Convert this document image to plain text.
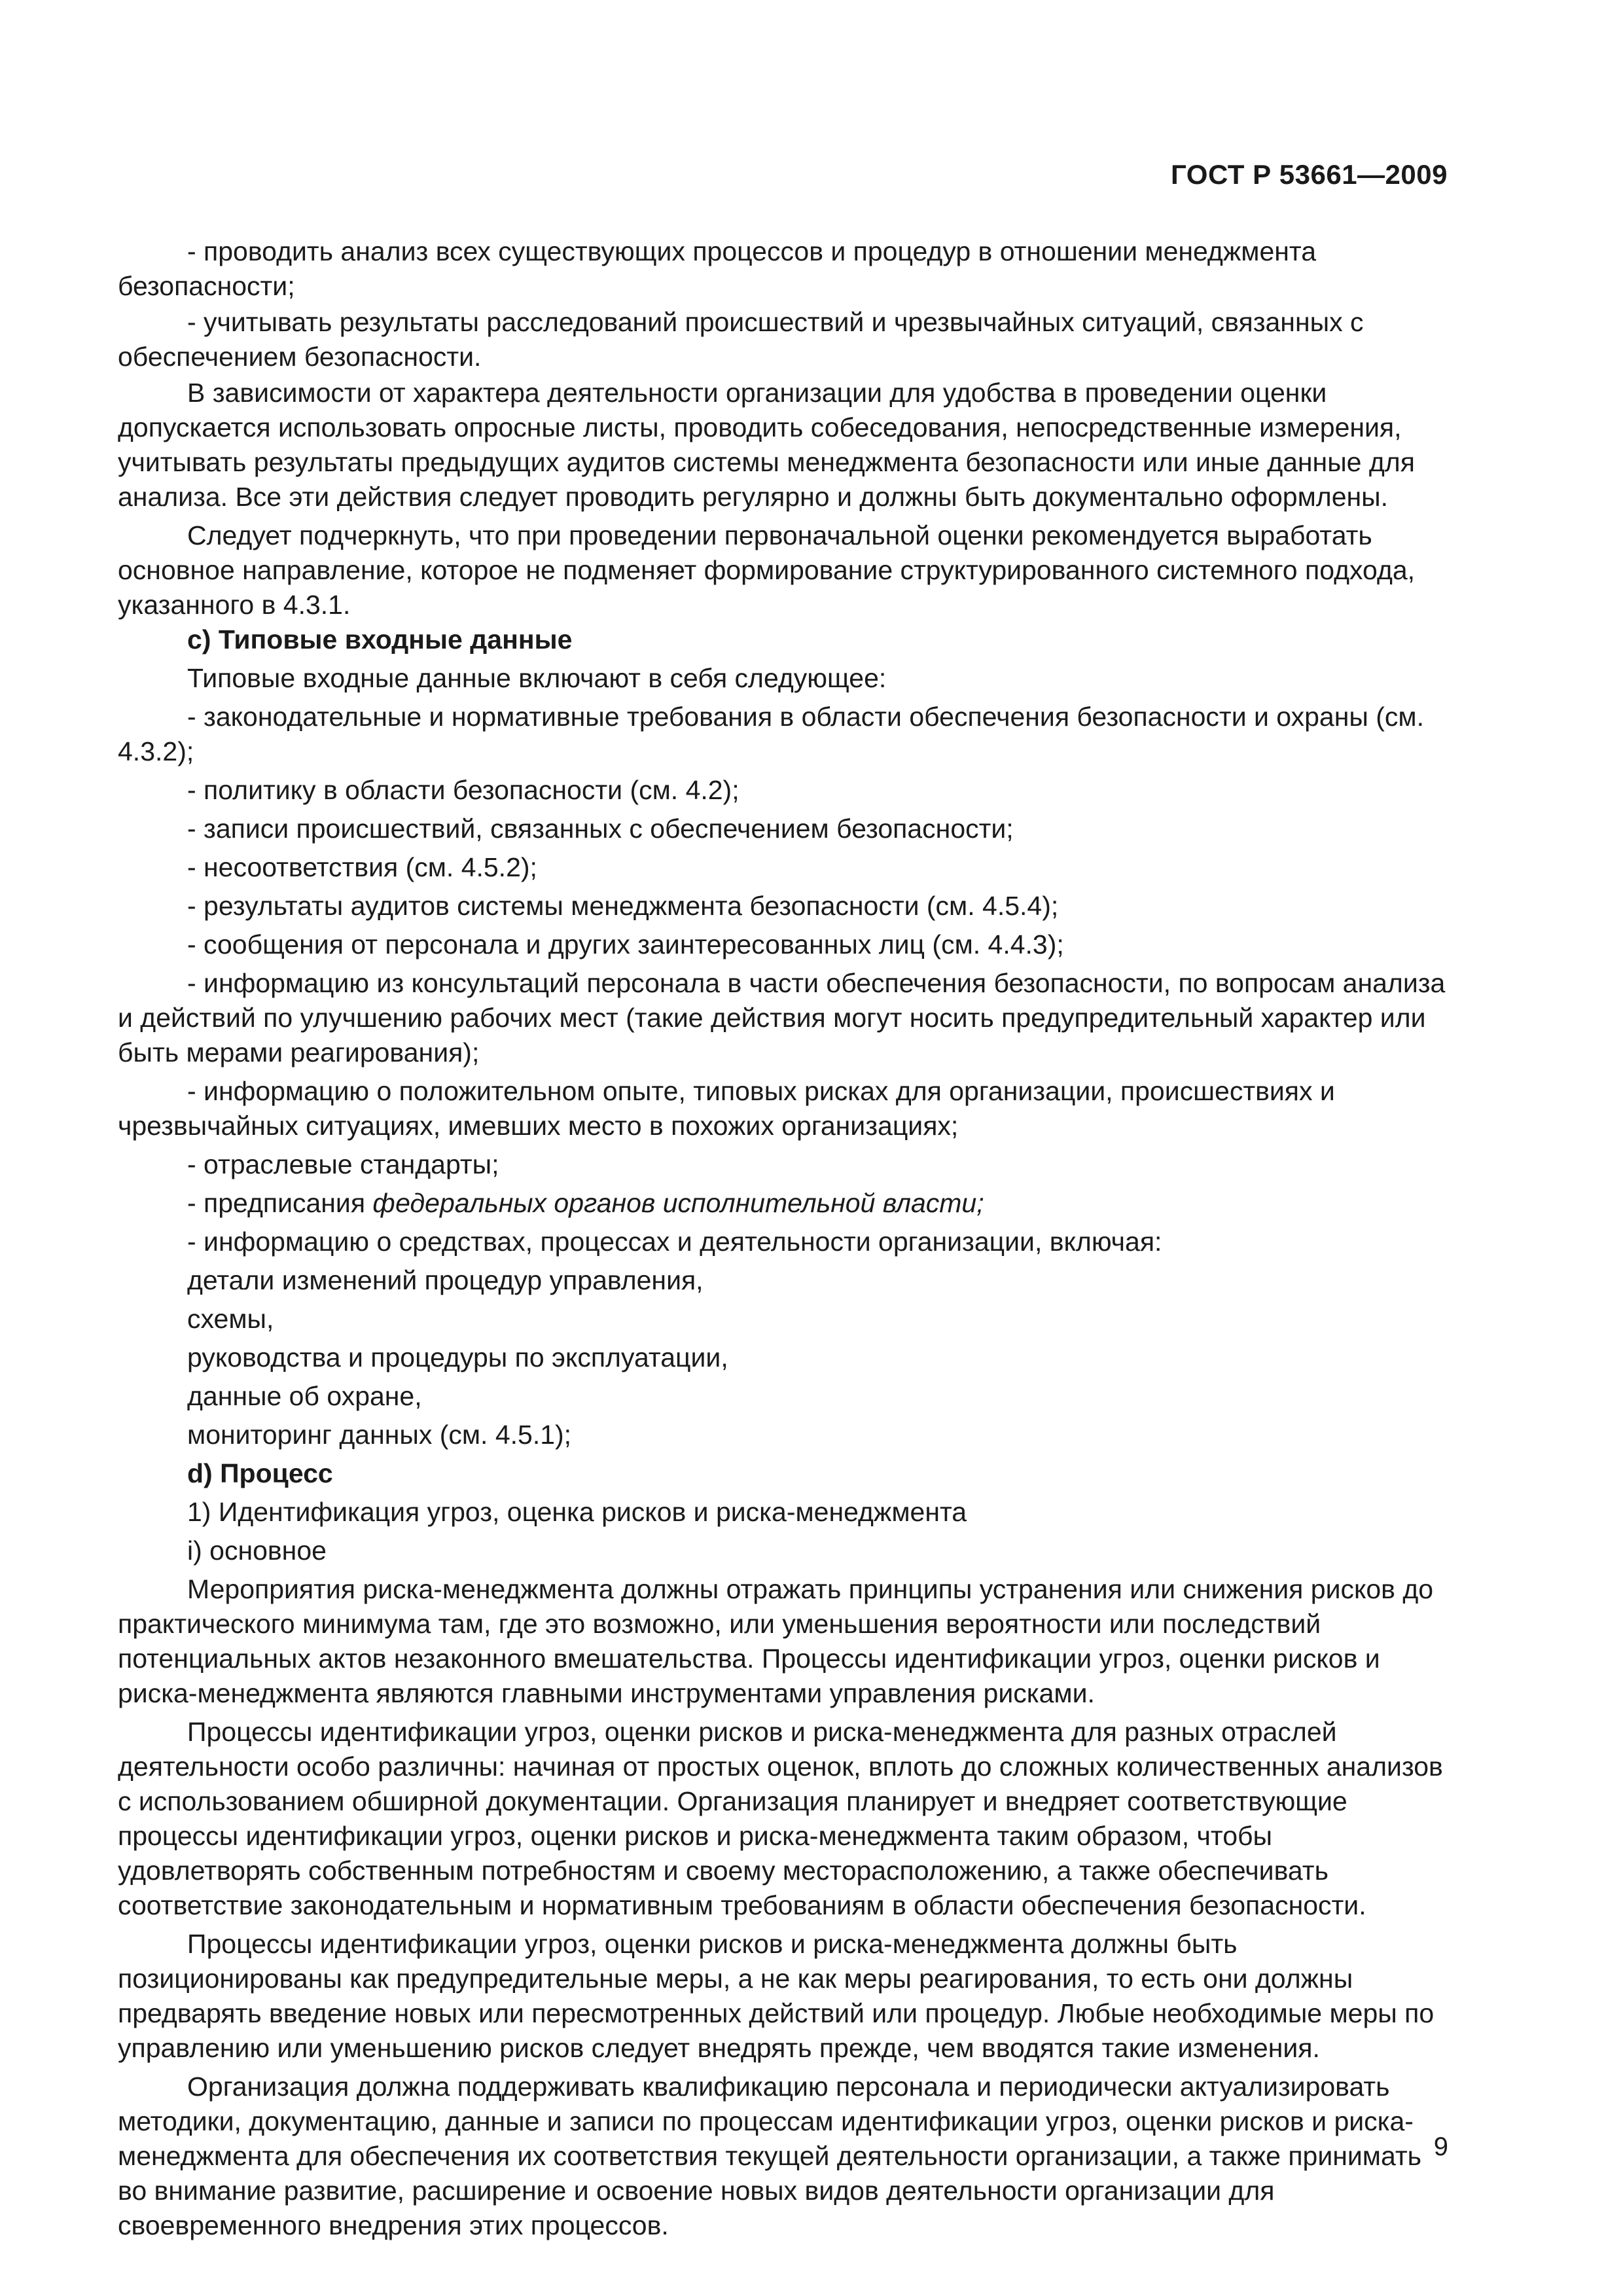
ГОСТ Р 53661—2009

- проводить анализ всех существующих процессов и процедур в отношении менеджмента безопасности;

- учитывать результаты расследований происшествий и чрезвычайных ситуаций, связанных с обеспечением безопасности.

В зависимости от характера деятельности организации для удобства в проведении оценки допускается использовать опросные листы, проводить собеседования, непосредственные измерения, учитывать результаты предыдущих аудитов системы менеджмента безопасности или иные данные для анализа. Все эти действия следует проводить регулярно и должны быть документально оформлены.

Следует подчеркнуть, что при проведении первоначальной оценки рекомендуется выработать основное направление, которое не подменяет формирование структурированного системного подхода, указанного в 4.3.1.

c) Типовые входные данные

Типовые входные данные включают в себя следующее:

- законодательные и нормативные требования в области обеспечения безопасности и охраны (см. 4.3.2);

- политику в области безопасности (см. 4.2);

- записи происшествий, связанных с обеспечением безопасности;

- несоответствия (см. 4.5.2);

- результаты аудитов системы менеджмента безопасности (см. 4.5.4);

- сообщения от персонала и других заинтересованных лиц (см. 4.4.3);

- информацию из консультаций персонала в части обеспечения безопасности, по вопросам анализа и действий по улучшению рабочих мест (такие действия могут носить предупредительный характер или быть мерами реагирования);

- информацию о положительном опыте, типовых рисках для организации, происшествиях и чрезвычайных ситуациях, имевших место в похожих организациях;

- отраслевые стандарты;

- предписания федеральных органов исполнительной власти;

- информацию о средствах, процессах и деятельности организации, включая:

детали изменений процедур управления,

схемы,

руководства и процедуры по эксплуатации,

данные об охране,

мониторинг данных (см. 4.5.1);

d) Процесс

1) Идентификация угроз, оценка рисков и риска-менеджмента

i) основное

Мероприятия риска-менеджмента должны отражать принципы устранения или снижения рисков до практического минимума там, где это возможно, или уменьшения вероятности или последствий потенциальных актов незаконного вмешательства. Процессы идентификации угроз, оценки рисков и риска-менеджмента являются главными инструментами управления рисками.

Процессы идентификации угроз, оценки рисков и риска-менеджмента для разных отраслей деятельности особо различны: начиная от простых оценок, вплоть до сложных количественных анализов с использованием обширной документации. Организация планирует и внедряет соответствующие процессы идентификации угроз, оценки рисков и риска-менеджмента таким образом, чтобы удовлетворять собственным потребностям и своему месторасположению, а также обеспечивать соответствие законодательным и нормативным требованиям в области обеспечения безопасности.

Процессы идентификации угроз, оценки рисков и риска-менеджмента должны быть позиционированы как предупредительные меры, а не как меры реагирования, то есть они должны предварять введение новых или пересмотренных действий или процедур. Любые необходимые меры по управлению или уменьшению рисков следует внедрять прежде, чем вводятся такие изменения.

Организация должна поддерживать квалификацию персонала и периодически актуализировать методики, документацию, данные и записи по процессам идентификации угроз, оценки рисков и риска-менеджмента для обеспечения их соответствия текущей деятельности организации, а также принимать во внимание развитие, расширение и освоение новых видов деятельности организации для своевременного внедрения этих процессов.

9
